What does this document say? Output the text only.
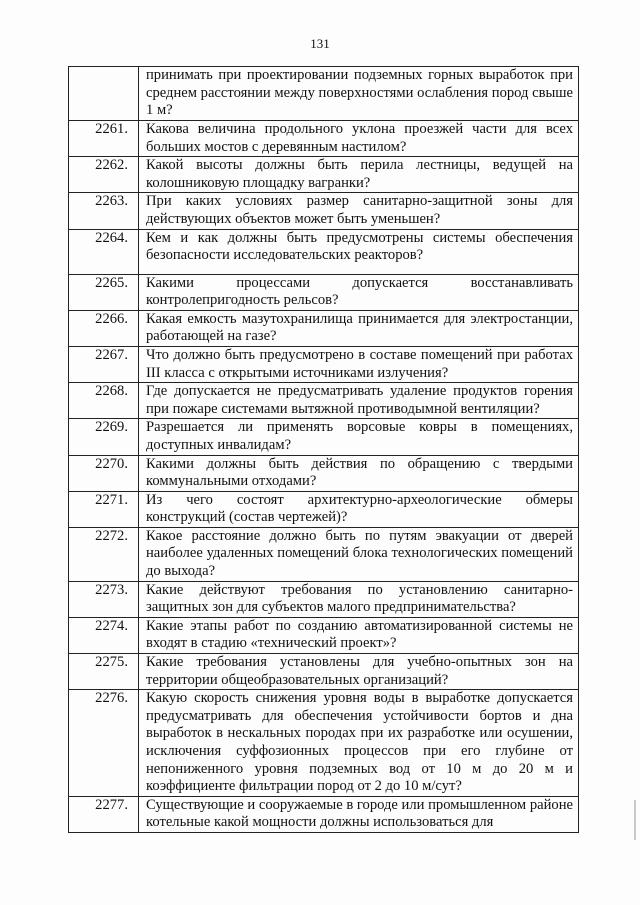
131

	принимать при проектировании подземных горных выработок при среднем расстоянии между поверхностями ослабления пород свыше 1 м?

2261.	Какова величина продольного уклона проезжей части для всех больших мостов с деревянным настилом?

2262.	Какой высоты должны быть перила лестницы, ведущей на колошниковую площадку вагранки?

2263.	При каких условиях размер санитарно-защитной зоны для действующих объектов может быть уменьшен?

2264.	Кем и как должны быть предусмотрены системы обеспечения безопасности исследовательских реакторов?

2265.	Какими процессами допускается восстанавливать контролепригодность рельсов?

2266.	Какая емкость мазутохранилища принимается для электростанции, работающей на газе?

2267.	Что должно быть предусмотрено в составе помещений при работах III класса с открытыми источниками излучения?

2268.	Где допускается не предусматривать удаление продуктов горения при пожаре системами вытяжной противодымной вентиляции?

2269.	Разрешается ли применять ворсовые ковры в помещениях, доступных инвалидам?

2270.	Какими должны быть действия по обращению с твердыми коммунальными отходами?

2271.	Из чего состоят архитектурно-археологические обмеры конструкций (состав чертежей)?

2272.	Какое расстояние должно быть по путям эвакуации от дверей наиболее удаленных помещений блока технологических помещений до выхода?

2273.	Какие действуют требования по установлению санитарно-защитных зон для субъектов малого предпринимательства?

2274.	Какие этапы работ по созданию автоматизированной системы не входят в стадию «технический проект»?

2275.	Какие требования установлены для учебно-опытных зон на территории общеобразовательных организаций?

2276.	Какую скорость снижения уровня воды в выработке допускается предусматривать для обеспечения устойчивости бортов и дна выработок в нескальных породах при их разработке или осушении, исключения суффозионных процессов при его глубине от непониженного уровня подземных вод от 10 м до 20 м и коэффициенте фильтрации пород от 2 до 10 м/сут?

2277.	Существующие и сооружаемые в городе или промышленном районе котельные какой мощности должны использоваться для
